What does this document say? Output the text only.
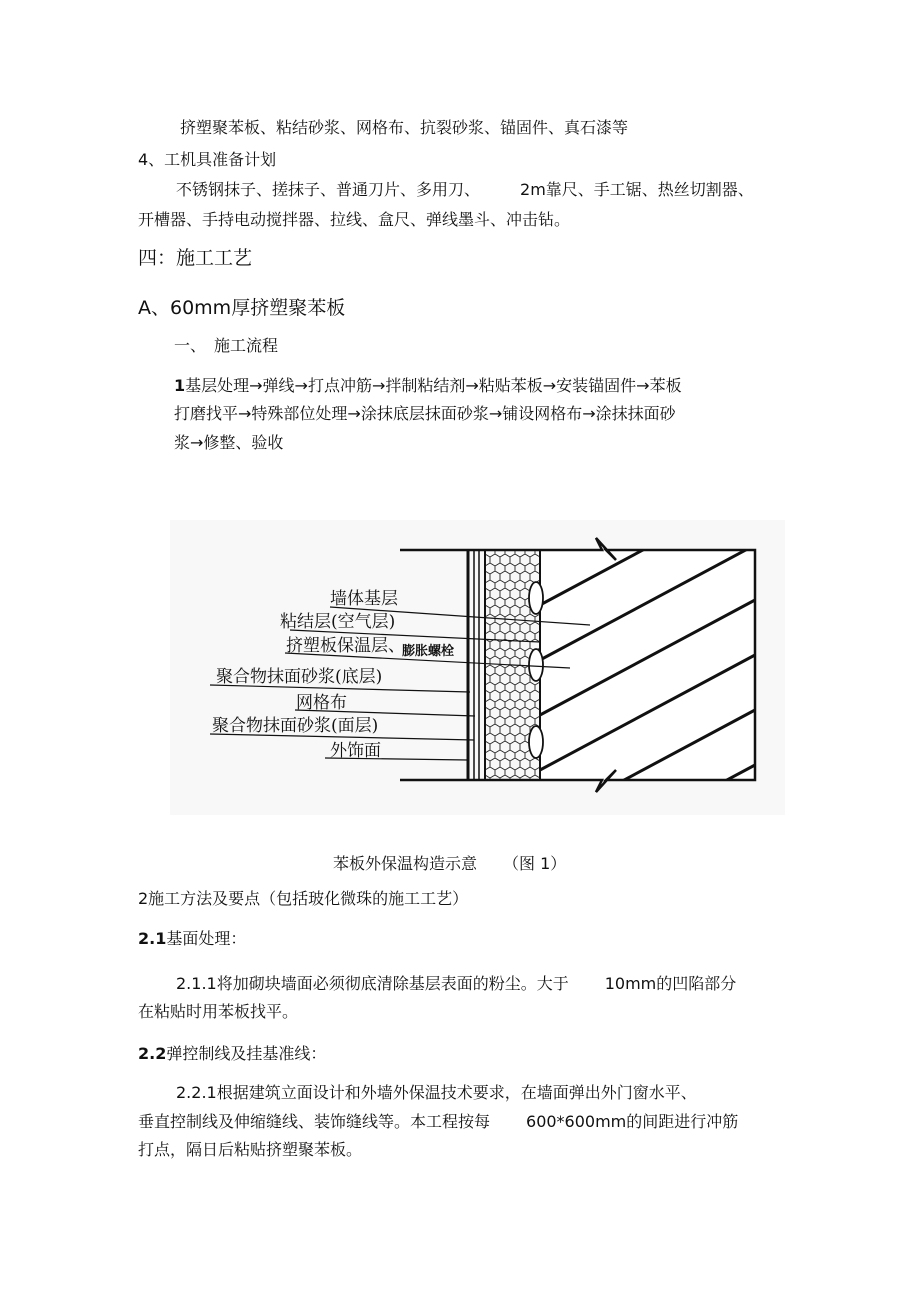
挤塑聚苯板、粘结砂浆、网格布、抗裂砂浆、锚固件、真石漆等
4、工机具准备计划
不锈钢抹子、搓抹子、普通刀片、多用刀、	2m靠尺、手工锯、热丝切割器、
开槽器、手持电动搅拌器、拉线、盒尺、弹线墨斗、冲击钻。
四：施工工艺
A、60mm厚挤塑聚苯板
一、　施工流程
1基层处理→弹线→打点冲筋→拌制粘结剂→粘贴苯板→安装锚固件→苯板
打磨找平→特殊部位处理→涂抹底层抹面砂浆→铺设网格布→涂抹抹面砂
浆→修整、验收
墙体基层
粘结层(空气层)
挤塑板保温层、
膨胀螺栓
聚合物抹面砂浆(底层)
网格布
聚合物抹面砂浆(面层)
外饰面
苯板外保温构造示意 （图 1）
2施工方法及要点（包括玻化微珠的施工工艺）
2.1基面处理：
2.1.1将加砌块墙面必须彻底清除基层表面的粉尘。大于 10mm的凹陷部分
在粘贴时用苯板找平。
2.2弹控制线及挂基准线：
2.2.1根据建筑立面设计和外墙外保温技术要求，在墙面弹出外门窗水平、
垂直控制线及伸缩缝线、装饰缝线等。本工程按每 600*600mm的间距进行冲筋
打点，隔日后粘贴挤塑聚苯板。
